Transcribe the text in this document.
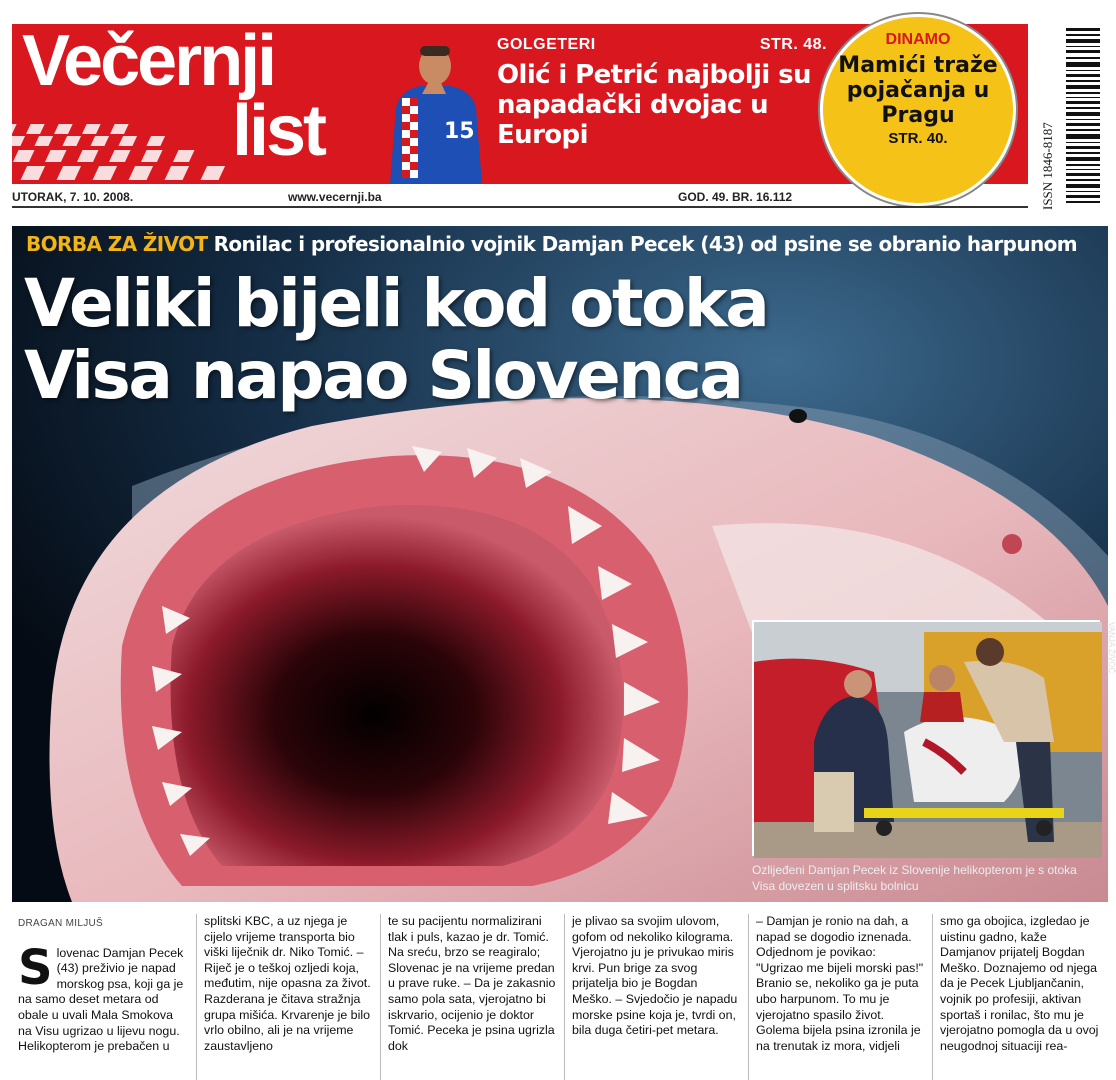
Večernji
list	15
GOLGETERI	STR. 48.
Olić i Petrić najbolji su napadački dvojac u Europi
DINAMO
Mamići traže pojačanja u Pragu
STR. 40.
UTORAK, 7. 10. 2008.	www.vecernji.ba	GOD. 49. BR. 16.112	ISSN 1846-8187
BORBA ZA ŽIVOT Ronilac i profesionalnio vojnik Damjan Pecek (43) od psine se obranio harpunom
Veliki bijeli kod otoka
Visa napao Slovenca
VANJA ŽIVOČ
Ozlijeđeni Damjan Pecek iz Slovenije helikopterom je s otoka Visa dovezen u splitsku bolnicu
DRAGAN MILJUŠ

Slovenac Damjan Pecek (43) preživio je napad morskog psa, koji ga je na samo deset metara od obale u uvali Mala Smokova na Visu ugrizao u lijevu nogu. Helikopterom je prebačen u

splitski KBC, a uz njega je cijelo vrijeme transporta bio viški liječnik dr. Niko Tomić. – Riječ je o teškoj ozljedi koja, međutim, nije opasna za život. Razderana je čitava stražnja grupa mišića. Krvarenje je bilo vrlo obilno, ali je na vrijeme zaustavljeno

te su pacijentu normalizirani tlak i puls, kazao je dr. Tomić. Na sreću, brzo se reagiralo; Slovenac je na vrijeme predan u prave ruke. – Da je zakasnio samo pola sata, vjerojatno bi iskrvario, ocijenio je doktor Tomić. Peceka je psina ugrizla dok

je plivao sa svojim ulovom, gofom od nekoliko kilograma. Vjerojatno ju je privukao miris krvi. Pun brige za svog prijatelja bio je Bogdan Meško. – Svjedočio je napadu morske psine koja je, tvrdi on, bila duga četiri-pet metara.

– Damjan je ronio na dah, a napad se dogodio iznenada. Odjednom je povikao: "Ugrizao me bijeli morski pas!" Branio se, nekoliko ga je puta ubo harpunom. To mu je vjerojatno spasilo život. Golema bijela psina izronila je na trenutak iz mora, vidjeli

smo ga obojica, izgledao je uistinu gadno, kaže Damjanov prijatelj Bogdan Meško. Doznajemo od njega da je Pecek Ljubljančanin, vojnik po profesiji, aktivan sportaš i ronilac, što mu je vjerojatno pomogla da u ovoj neugodnoj situaciji rea-
